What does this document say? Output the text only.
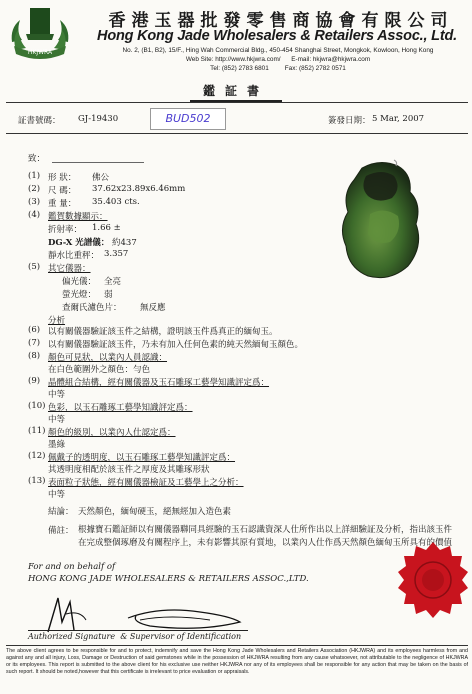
HKJWRA
香港玉器批發零售商協會有限公司
Hong Kong Jade Wholesalers & Retailers Assoc., Ltd.
No. 2, (B1, B2), 15/F., Hing Wah Commercial Bldg., 450-454 Shanghai Street, Mongkok, Kowloon, Hong Kong
Web Site: http://www.hkjwra.com/ E-mail: hkjwra@hkjwra.com
Tel: (852) 2783 6801 Fax: (852) 2782 0571
鑑証書
証書號碼： GJ-19430	BUD502	簽發日期： 5 Mar, 2007
致：
(1) 形 狀： 佛公
(2) 尺 碼： 37.62x23.89x6.46mm
(3) 重 量： 35.403 cts.
(4) 鑑賀數據顯示：
折射率： 1.66 ±
DG-X 光譜儀： 約437
靜水比重秤： 3.357
(5) 其它儀器：
偏光儀： 全亮
螢光燈： 弱
查爾氏濾色片： 無反應
分析
(6) 以有關儀器驗証該玉件之結構，證明該玉件爲真正的緬甸玉。
(7) 以有關儀器驗証該玉件，乃未有加入任何色素的純天然緬甸玉顏色。
(8) 顏色可見狀，以業內人員認識：
在白色範圍外之顏色：勻色
(9) 晶體組合結構，經有關儀器及玉石雕琢工藝學知識評定爲：
中等
(10) 色彩，以玉石雕琢工藝學知識評定爲：
中等
(11) 顏色的級別，以業內人仕認定爲：
墨綠
(12) 佩戴子的透明度，以玉石雕琢工藝學知識評定爲：
其透明度相配於該玉件之厚度及其雕琢形狀
(13) 表面粒子狀態，經有關儀器檢証及工藝學上之分析：
中等
結論： 天然顏色，緬甸硬玉，絕無經加入造色素
備註： 根據寶石鑑証師以有關儀器聯同具經驗的玉石認識資深人仕所作出以上詳細驗証及分析，指出該玉件在完成整個琢磨及有關程序上，未有影響其原有質地，以業內人仕作爲天然顏色緬甸玉所具有的價值
For and on behalf of
HONG KONG JADE WHOLESALERS & RETAILERS ASSOC.,LTD.
Authorized Signature & Supervisor of Identification
The above client agrees to be responsible for and to protect, indemnify and save the Hong Kong Jade Wholesalers and Retailers Association (HKJWRA) and its employees harmless from and against any and all injury, Loss, Damage or Destruction of said gemstones while in the possession of HKJWRA resulting from any cause whatsoever, not attributable to the negligence of HKJWRA or its employees. This report is submitted to the above client for his exclusive use neither HKJWRA nor any of its employees shall be responsible for any action that may be taken on the basis of such report. It should be noted,however that this certificate is irrelevant to price evaluation or appraisals.
